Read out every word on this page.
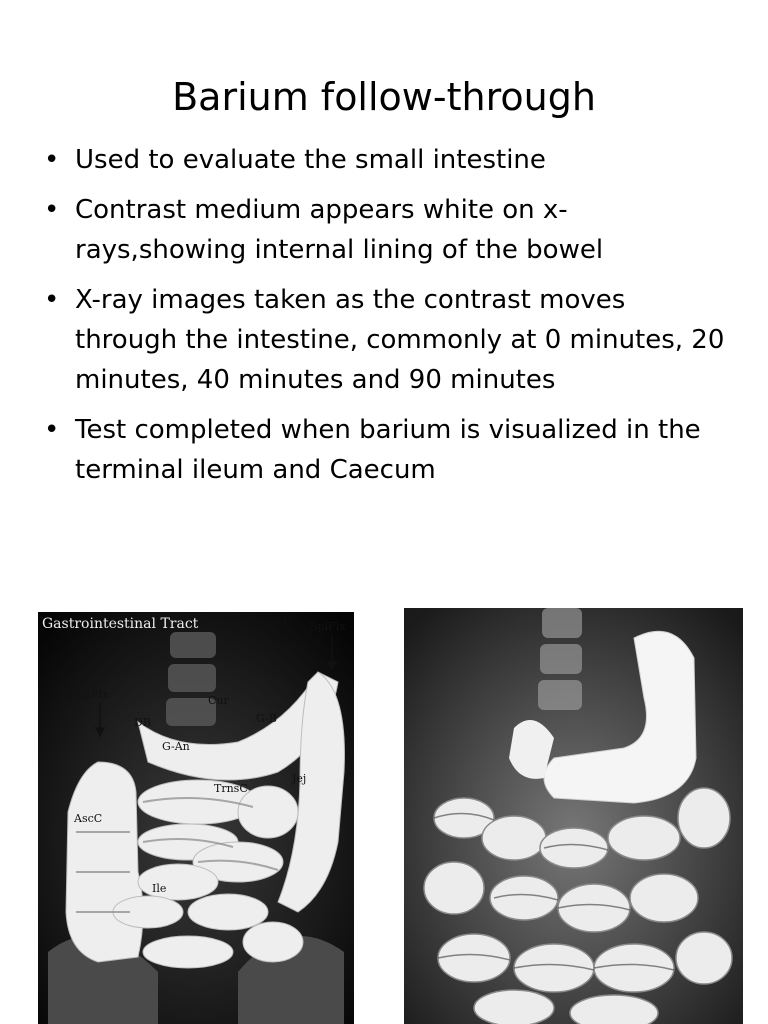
Barium follow-through
• Used to evaluate the small intestine
• Contrast medium appears white on x-rays,showing internal lining of the bowel
• X-ray images taken as the contrast moves through the intestine, commonly at 0 minutes, 20 minutes, 40 minutes and 90 minutes
• Test completed when barium is visualized in the terminal ileum and Caecum
Gastrointestinal Tract	G-U SplFlx
HepFlx	Cur
G-B
DB
G-An
TrnsC
Jej
AscC
Ile
